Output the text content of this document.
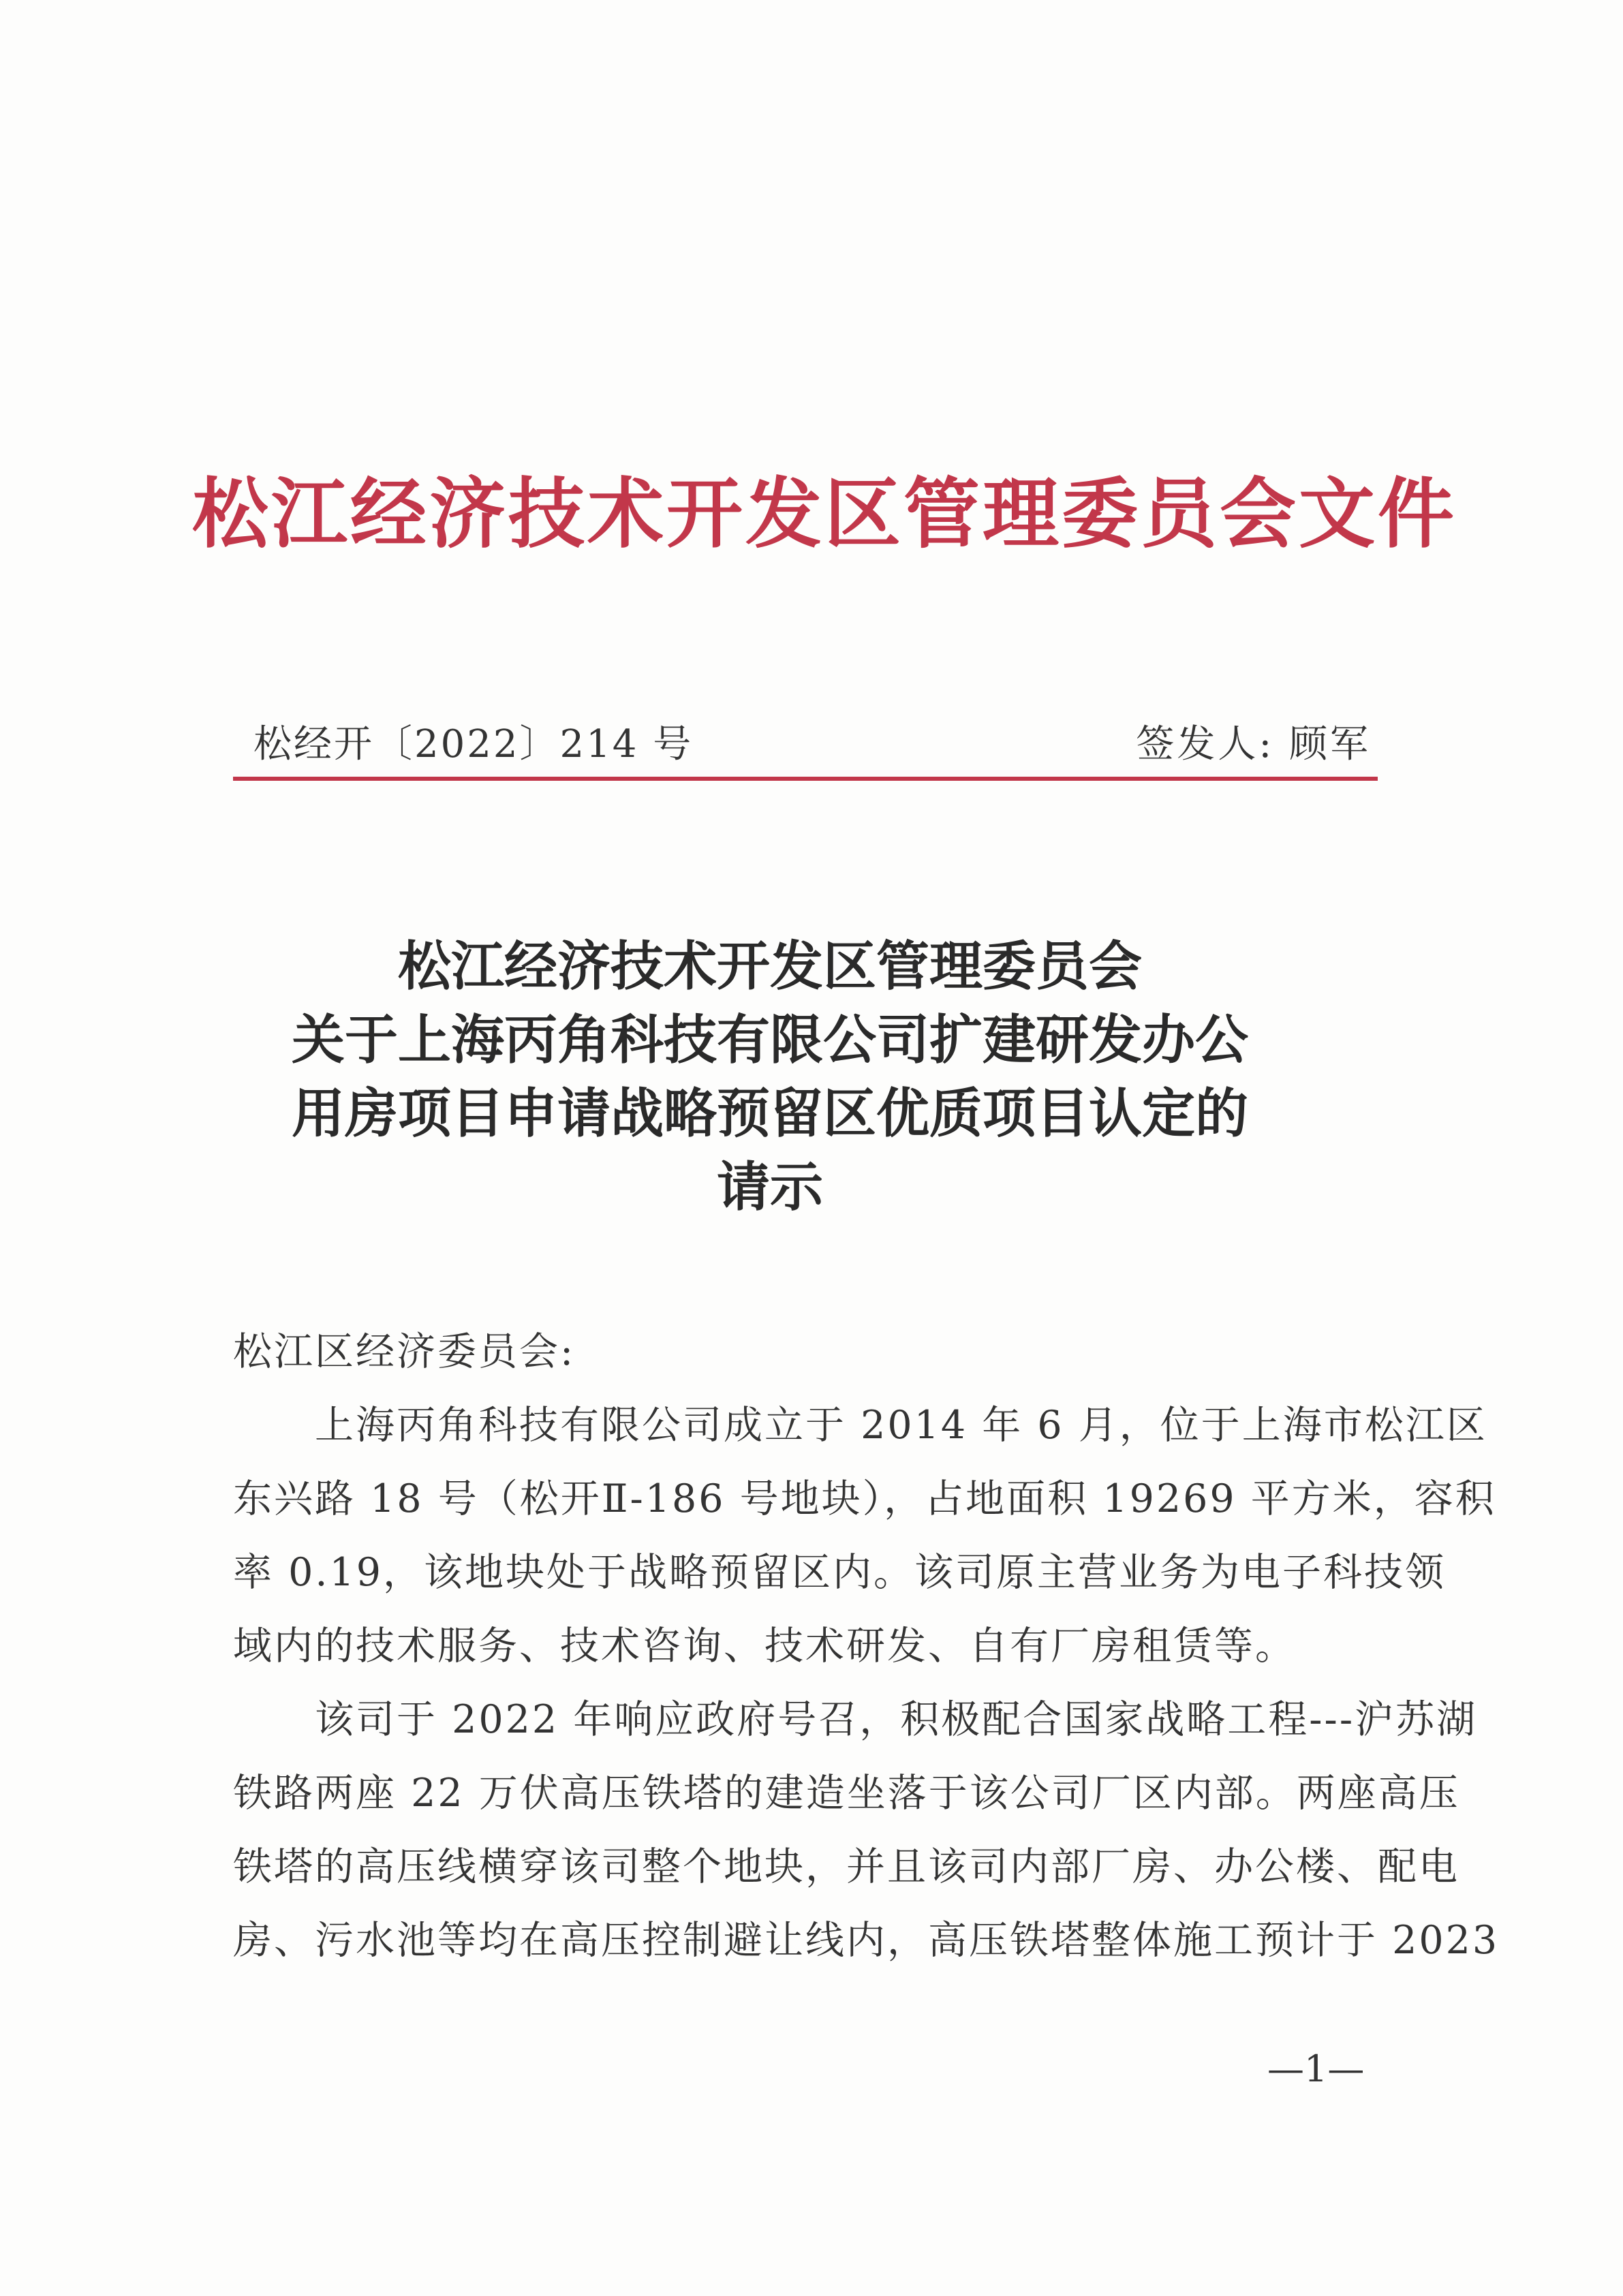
松江经济技术开发区管理委员会文件
松经开〔2022〕214 号	签发人: 顾军
松江经济技术开发区管理委员会
关于上海丙角科技有限公司扩建研发办公
用房项目申请战略预留区优质项目认定的
请示
松江区经济委员会:
上海丙角科技有限公司成立于 2014 年 6 月，位于上海市松江区
东兴路 18 号（松开Ⅱ-186 号地块），占地面积 19269 平方米，容积
率 0.19，该地块处于战略预留区内。该司原主营业务为电子科技领
域内的技术服务、技术咨询、技术研发、自有厂房租赁等。
该司于 2022 年响应政府号召，积极配合国家战略工程---沪苏湖
铁路两座 22 万伏高压铁塔的建造坐落于该公司厂区内部。两座高压
铁塔的高压线横穿该司整个地块，并且该司内部厂房、办公楼、配电
房、污水池等均在高压控制避让线内，高压铁塔整体施工预计于 2023
—1—
